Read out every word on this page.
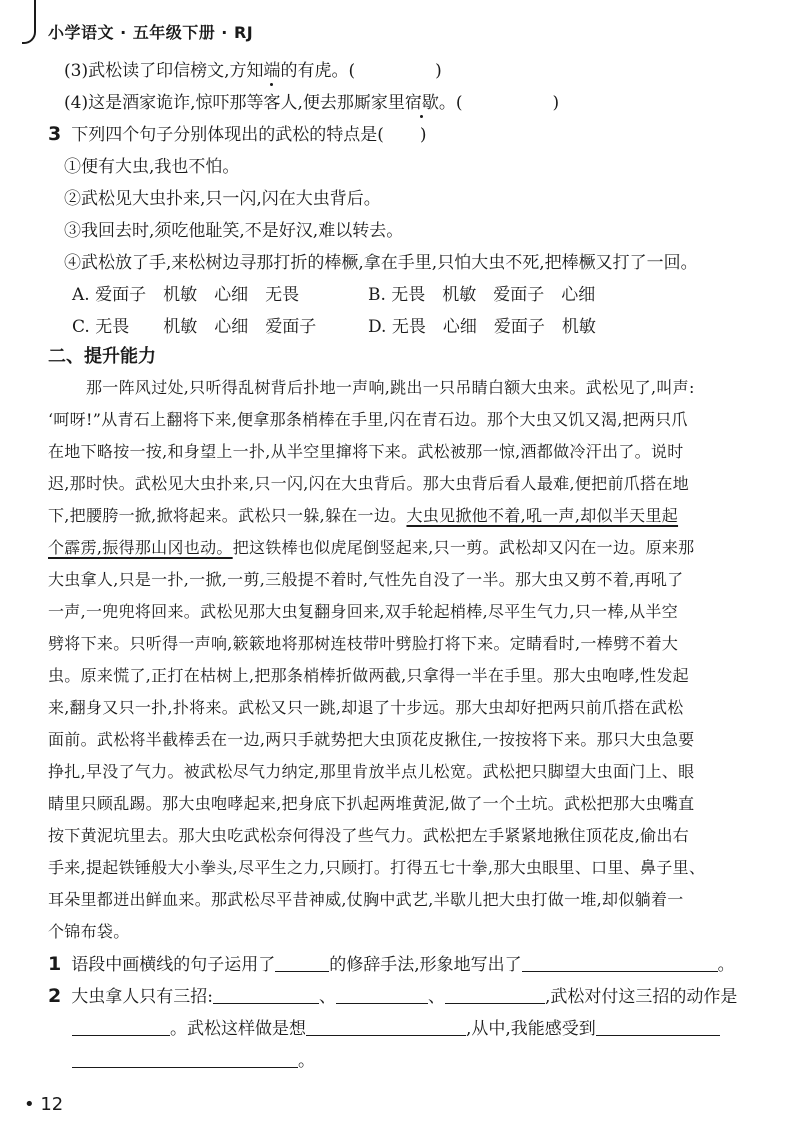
小学语文 · 五年级下册 · RJ
(3)武松读了印信榜文,方知端的有虎。(	)
(4)这是酒家诡诈,惊吓那等客人,便去那厮家里宿歇。(	)
3 下列四个句子分别体现出的武松的特点是( )
①便有大虫,我也不怕。
②武松见大虫扑来,只一闪,闪在大虫背后。
③我回去时,须吃他耻笑,不是好汉,难以转去。
④武松放了手,来松树边寻那打折的棒橛,拿在手里,只怕大虫不死,把棒橛又打了一回。
A. 爱面子　机敏　心细　无畏	B. 无畏　机敏　爱面子　心细
C. 无畏　　机敏　心细　爱面子	D. 无畏　心细　爱面子　机敏
二、提升能力
那一阵风过处,只听得乱树背后扑地一声响,跳出一只吊睛白额大虫来。武松见了,叫声:
‘呵呀!”从青石上翻将下来,便拿那条梢棒在手里,闪在青石边。那个大虫又饥又渴,把两只爪
在地下略按一按,和身望上一扑,从半空里撺将下来。武松被那一惊,酒都做冷汗出了。说时
迟,那时快。武松见大虫扑来,只一闪,闪在大虫背后。那大虫背后看人最难,便把前爪搭在地
下,把腰胯一掀,掀将起来。武松只一躲,躲在一边。大虫见掀他不着,吼一声,却似半天里起
个霹雳,振得那山冈也动。把这铁棒也似虎尾倒竖起来,只一剪。武松却又闪在一边。原来那
大虫拿人,只是一扑,一掀,一剪,三般提不着时,气性先自没了一半。那大虫又剪不着,再吼了
一声,一兜兜将回来。武松见那大虫复翻身回来,双手轮起梢棒,尽平生气力,只一棒,从半空
劈将下来。只听得一声响,簌簌地将那树连枝带叶劈脸打将下来。定睛看时,一棒劈不着大
虫。原来慌了,正打在枯树上,把那条梢棒折做两截,只拿得一半在手里。那大虫咆哮,性发起
来,翻身又只一扑,扑将来。武松又只一跳,却退了十步远。那大虫却好把两只前爪搭在武松
面前。武松将半截棒丢在一边,两只手就势把大虫顶花皮揪住,一按按将下来。那只大虫急要
挣扎,早没了气力。被武松尽气力纳定,那里肯放半点儿松宽。武松把只脚望大虫面门上、眼
睛里只顾乱踢。那大虫咆哮起来,把身底下扒起两堆黄泥,做了一个土坑。武松把那大虫嘴直
按下黄泥坑里去。那大虫吃武松奈何得没了些气力。武松把左手紧紧地揪住顶花皮,偷出右
手来,提起铁锤般大小拳头,尽平生之力,只顾打。打得五七十拳,那大虫眼里、口里、鼻子里、
耳朵里都迸出鲜血来。那武松尽平昔神威,仗胸中武艺,半歇儿把大虫打做一堆,却似躺着一
个锦布袋。
1 语段中画横线的句子运用了	的修辞手法,形象地写出了	。
2 大虫拿人只有三招:	、	、	,武松对付这三招的动作是
。武松这样做是想	,从中,我能感受到
。
• 12
